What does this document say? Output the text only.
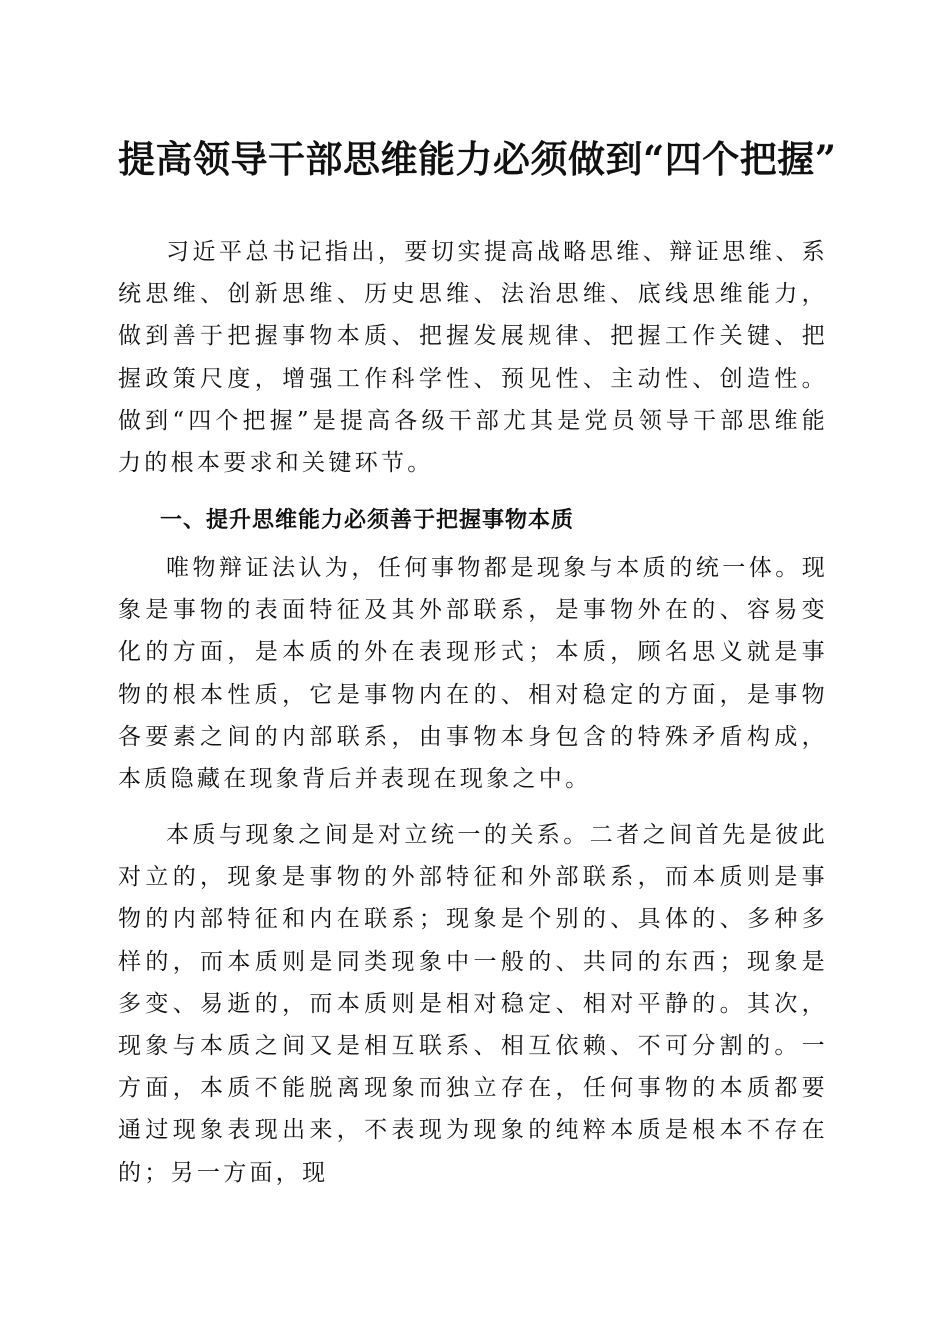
提高领导干部思维能力必须做到“四个把握”

习近平总书记指出，要切实提高战略思维、辩证思维、系统思维、创新思维、历史思维、法治思维、底线思维能力，做到善于把握事物本质、把握发展规律、把握工作关键、把握政策尺度，增强工作科学性、预见性、主动性、创造性。做到“四个把握”是提高各级干部尤其是党员领导干部思维能力的根本要求和关键环节。

一、提升思维能力必须善于把握事物本质

唯物辩证法认为，任何事物都是现象与本质的统一体。现象是事物的表面特征及其外部联系，是事物外在的、容易变化的方面，是本质的外在表现形式；本质，顾名思义就是事物的根本性质，它是事物内在的、相对稳定的方面，是事物各要素之间的内部联系，由事物本身包含的特殊矛盾构成，本质隐藏在现象背后并表现在现象之中。

本质与现象之间是对立统一的关系。二者之间首先是彼此对立的，现象是事物的外部特征和外部联系，而本质则是事物的内部特征和内在联系；现象是个别的、具体的、多种多样的，而本质则是同类现象中一般的、共同的东西；现象是多变、易逝的，而本质则是相对稳定、相对平静的。其次，现象与本质之间又是相互联系、相互依赖、不可分割的。一方面，本质不能脱离现象而独立存在，任何事物的本质都要通过现象表现出来，不表现为现象的纯粹本质是根本不存在的；另一方面，现
